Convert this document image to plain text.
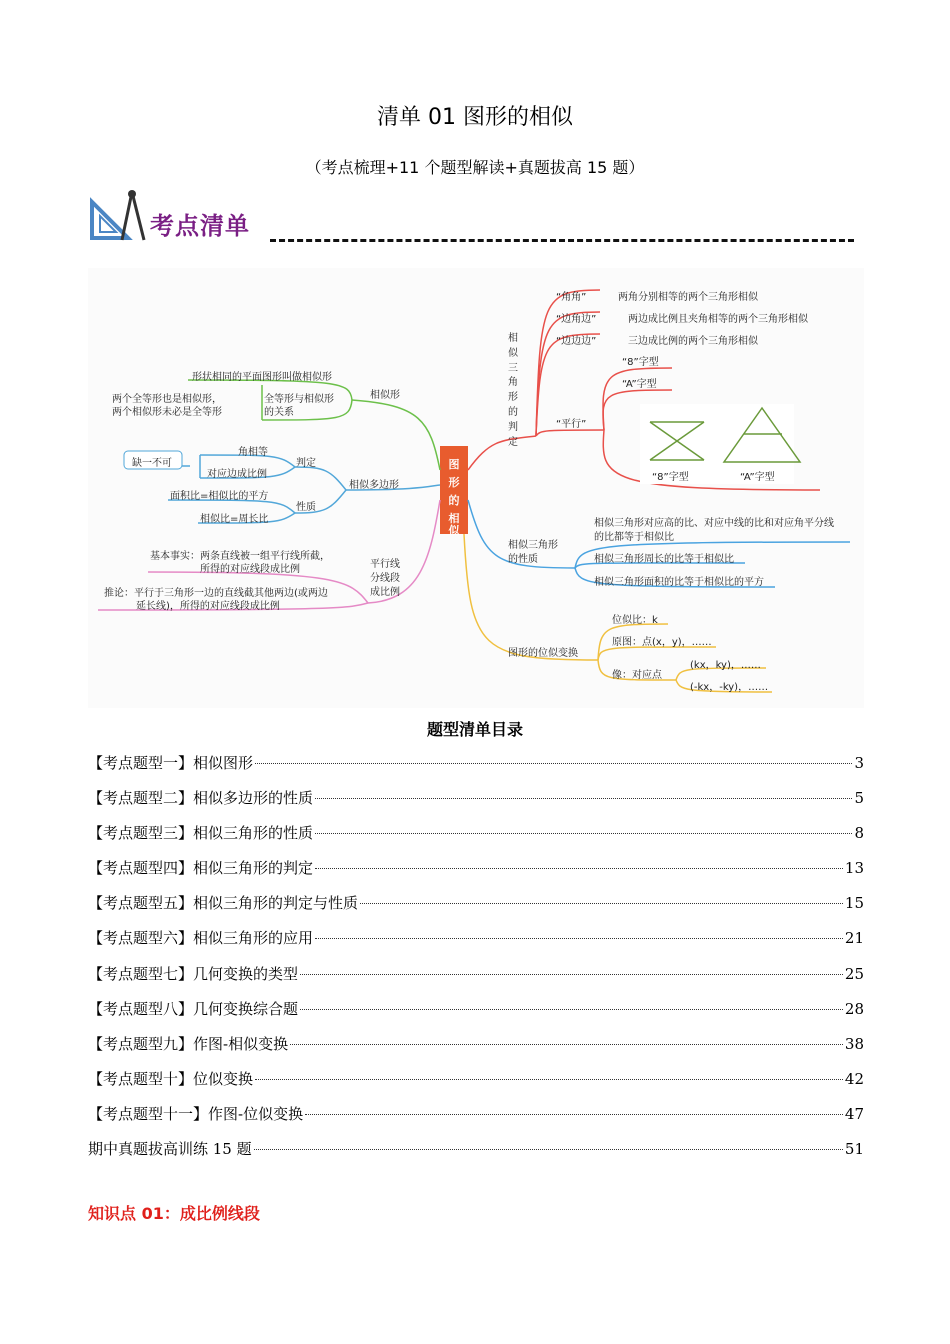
清单 01 图形的相似
（考点梳理+11 个题型解读+真题拔高 15 题）
考点清单
图形的相似
相似形
形状相同的平面图形叫做相似形
两个全等形也是相似形，
两个相似形未必是全等形
全等形与相似形
的关系
相似多边形
判定
角相等
对应边成比例
缺一不可
性质
面积比=相似比的平方
相似比=周长比
平行线
分线段
成比例
基本事实：两条直线被一组平行线所截，
所得的对应线段成比例
推论：平行于三角形一边的直线截其他两边(或两边
延长线)，所得的对应线段成比例
相
似
三
角
形
的
判
定
“角角”	两角分别相等的两个三角形相似
“边角边”	两边成比例且夹角相等的两个三角形相似
“边边边”	三边成比例的两个三角形相似
“平行”
“8”字型
“A”字型
“8”字型	“A”字型
相似三角形
的性质
相似三角形对应高的比、对应中线的比和对应角平分线
的比都等于相似比
相似三角形周长的比等于相似比
相似三角形面积的比等于相似比的平方
图形的位似变换
位似比：k
原图：点(x，y)，……
像：对应点
(kx，ky)，……
(-kx，-ky)，……
题型清单目录
【考点题型一】相似图形	3
【考点题型二】相似多边形的性质	5
【考点题型三】相似三角形的性质	8
【考点题型四】相似三角形的判定	13
【考点题型五】相似三角形的判定与性质	15
【考点题型六】相似三角形的应用	21
【考点题型七】几何变换的类型	25
【考点题型八】几何变换综合题	28
【考点题型九】作图-相似变换	38
【考点题型十】位似变换	42
【考点题型十一】作图-位似变换	47
期中真题拔高训练 15 题	51
知识点 01：成比例线段
